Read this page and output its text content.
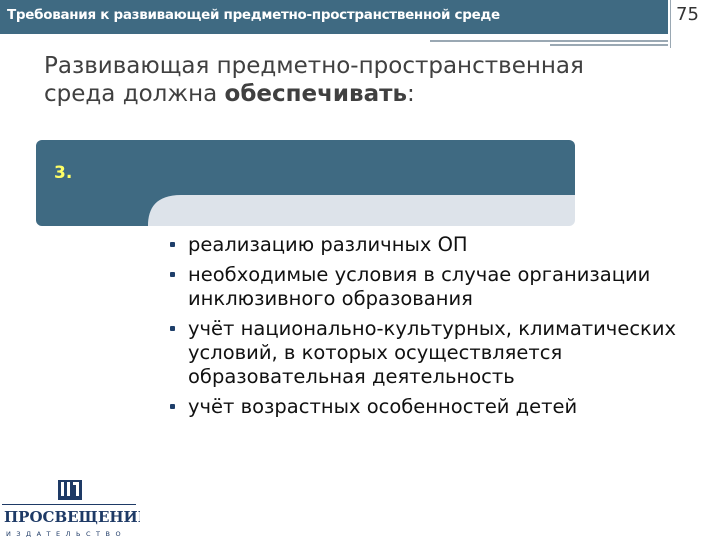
Требования к развивающей предметно-пространственной среде	75
Развивающая предметно-пространственная
среда должна обеспечивать:
3.
реализацию различных ОП
необходимые условия в случае организации инклюзивного образования
учёт национально-культурных, климатических условий, в которых осуществляется образовательная деятельность
учёт возрастных особенностей детей
ПРОСВЕЩЕНИЕ
ИЗДАТЕЛЬСТВО
